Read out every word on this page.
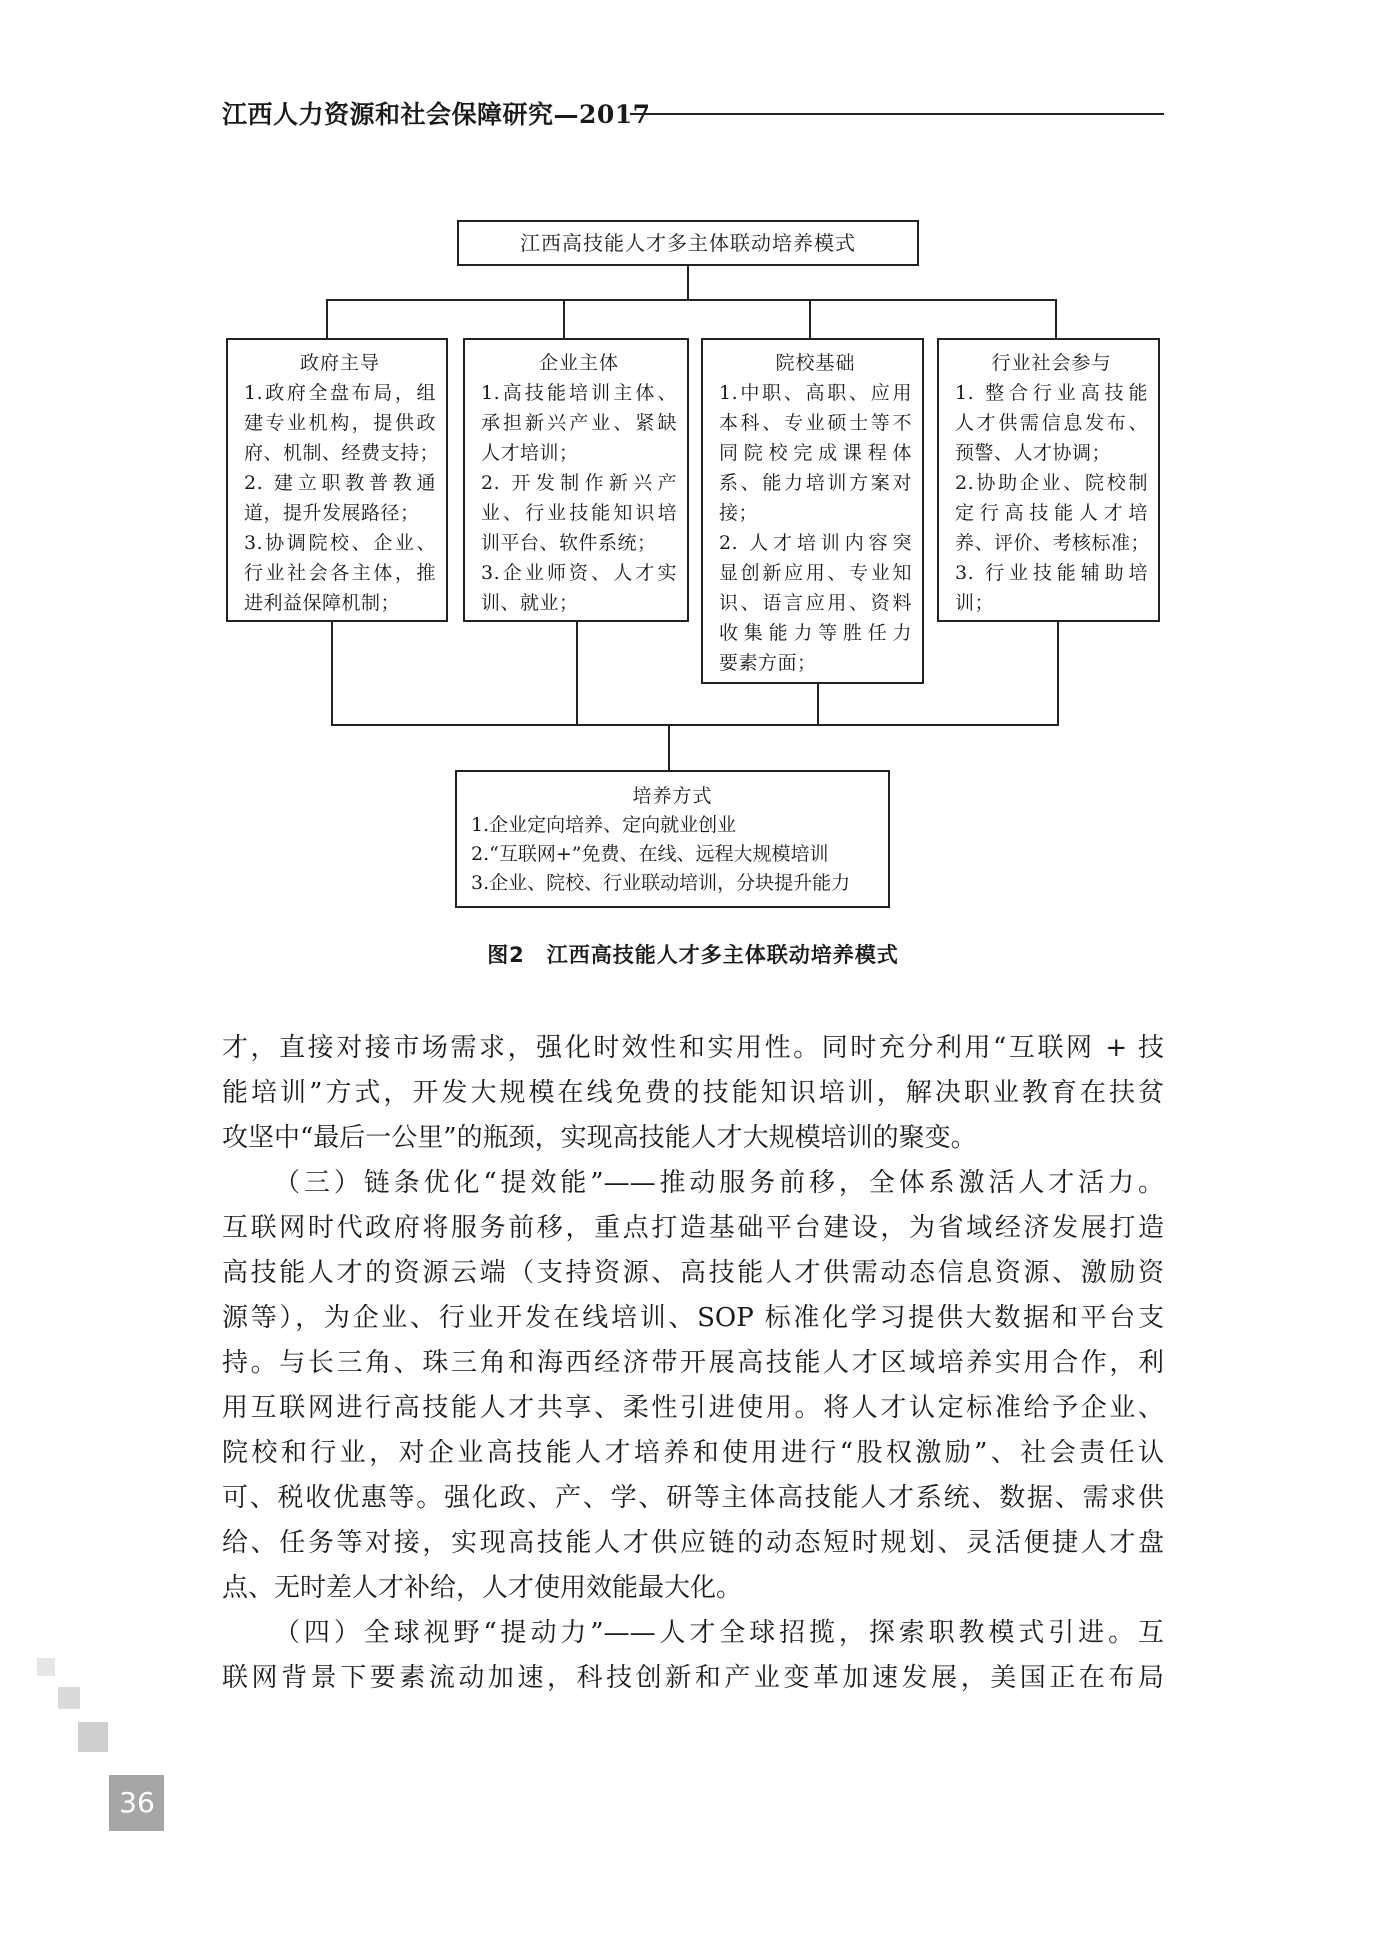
江西人力资源和社会保障研究—2017
江西高技能人才多主体联动培养模式
政府主导
1.政府全盘布局，组
建专业机构，提供政
府、机制、经费支持；
2. 建立职教普教通
道，提升发展路径；
3.协调院校、企业、
行业社会各主体，推
进利益保障机制；
企业主体
1.高技能培训主体、
承担新兴产业、紧缺
人才培训；
2. 开发制作新兴产
业、行业技能知识培
训平台、软件系统；
3.企业师资、人才实
训、就业；
院校基础
1.中职、高职、应用
本科、专业硕士等不
同院校完成课程体
系、能力培训方案对
接；
2. 人才培训内容突
显创新应用、专业知
识、语言应用、资料
收集能力等胜任力
要素方面；
行业社会参与
1. 整合行业高技能
人才供需信息发布、
预警、人才协调；
2.协助企业、院校制
定行高技能人才培
养、评价、考核标准；
3. 行业技能辅助培
训；
培养方式
1.企业定向培养、定向就业创业
2.“互联网+”免费、在线、远程大规模培训
3.企业、院校、行业联动培训，分块提升能力
图2　江西高技能人才多主体联动培养模式
才，直接对接市场需求，强化时效性和实用性。同时充分利用“互联网 + 技
能培训”方式，开发大规模在线免费的技能知识培训，解决职业教育在扶贫
攻坚中“最后一公里”的瓶颈，实现高技能人才大规模培训的聚变。
（三）链条优化“提效能”——推动服务前移，全体系激活人才活力。
互联网时代政府将服务前移，重点打造基础平台建设，为省域经济发展打造
高技能人才的资源云端（支持资源、高技能人才供需动态信息资源、激励资
源等），为企业、行业开发在线培训、SOP 标准化学习提供大数据和平台支
持。与长三角、珠三角和海西经济带开展高技能人才区域培养实用合作，利
用互联网进行高技能人才共享、柔性引进使用。将人才认定标准给予企业、
院校和行业，对企业高技能人才培养和使用进行“股权激励”、社会责任认
可、税收优惠等。强化政、产、学、研等主体高技能人才系统、数据、需求供
给、任务等对接，实现高技能人才供应链的动态短时规划、灵活便捷人才盘
点、无时差人才补给，人才使用效能最大化。
（四）全球视野“提动力”——人才全球招揽，探索职教模式引进。互
联网背景下要素流动加速，科技创新和产业变革加速发展，美国正在布局
36
